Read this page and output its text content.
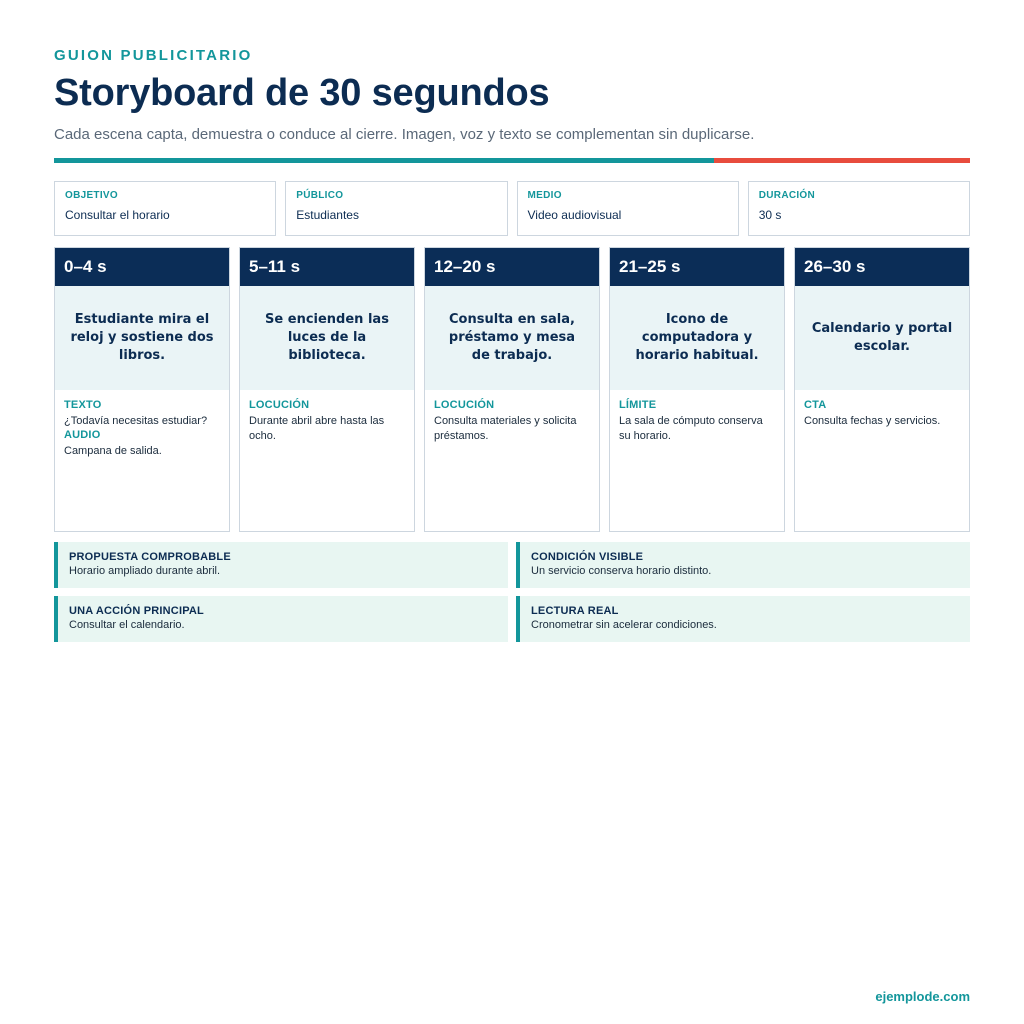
GUION PUBLICITARIO
Storyboard de 30 segundos
Cada escena capta, demuestra o conduce al cierre. Imagen, voz y texto se complementan sin duplicarse.
OBJETIVO
Consultar el horario
PÚBLICO
Estudiantes
MEDIO
Video audiovisual
DURACIÓN
30 s
0–4 s
Estudiante mira el reloj y sostiene dos libros.
TEXTO
¿Todavía necesitas estudiar?
AUDIO
Campana de salida.
5–11 s
Se encienden las luces de la biblioteca.
LOCUCIÓN
Durante abril abre hasta las ocho.
12–20 s
Consulta en sala, préstamo y mesa de trabajo.
LOCUCIÓN
Consulta materiales y solicita préstamos.
21–25 s
Icono de computadora y horario habitual.
LÍMITE
La sala de cómputo conserva su horario.
26–30 s
Calendario y portal escolar.
CTA
Consulta fechas y servicios.
PROPUESTA COMPROBABLE
Horario ampliado durante abril.
CONDICIÓN VISIBLE
Un servicio conserva horario distinto.
UNA ACCIÓN PRINCIPAL
Consultar el calendario.
LECTURA REAL
Cronometrar sin acelerar condiciones.
ejemplode.com
